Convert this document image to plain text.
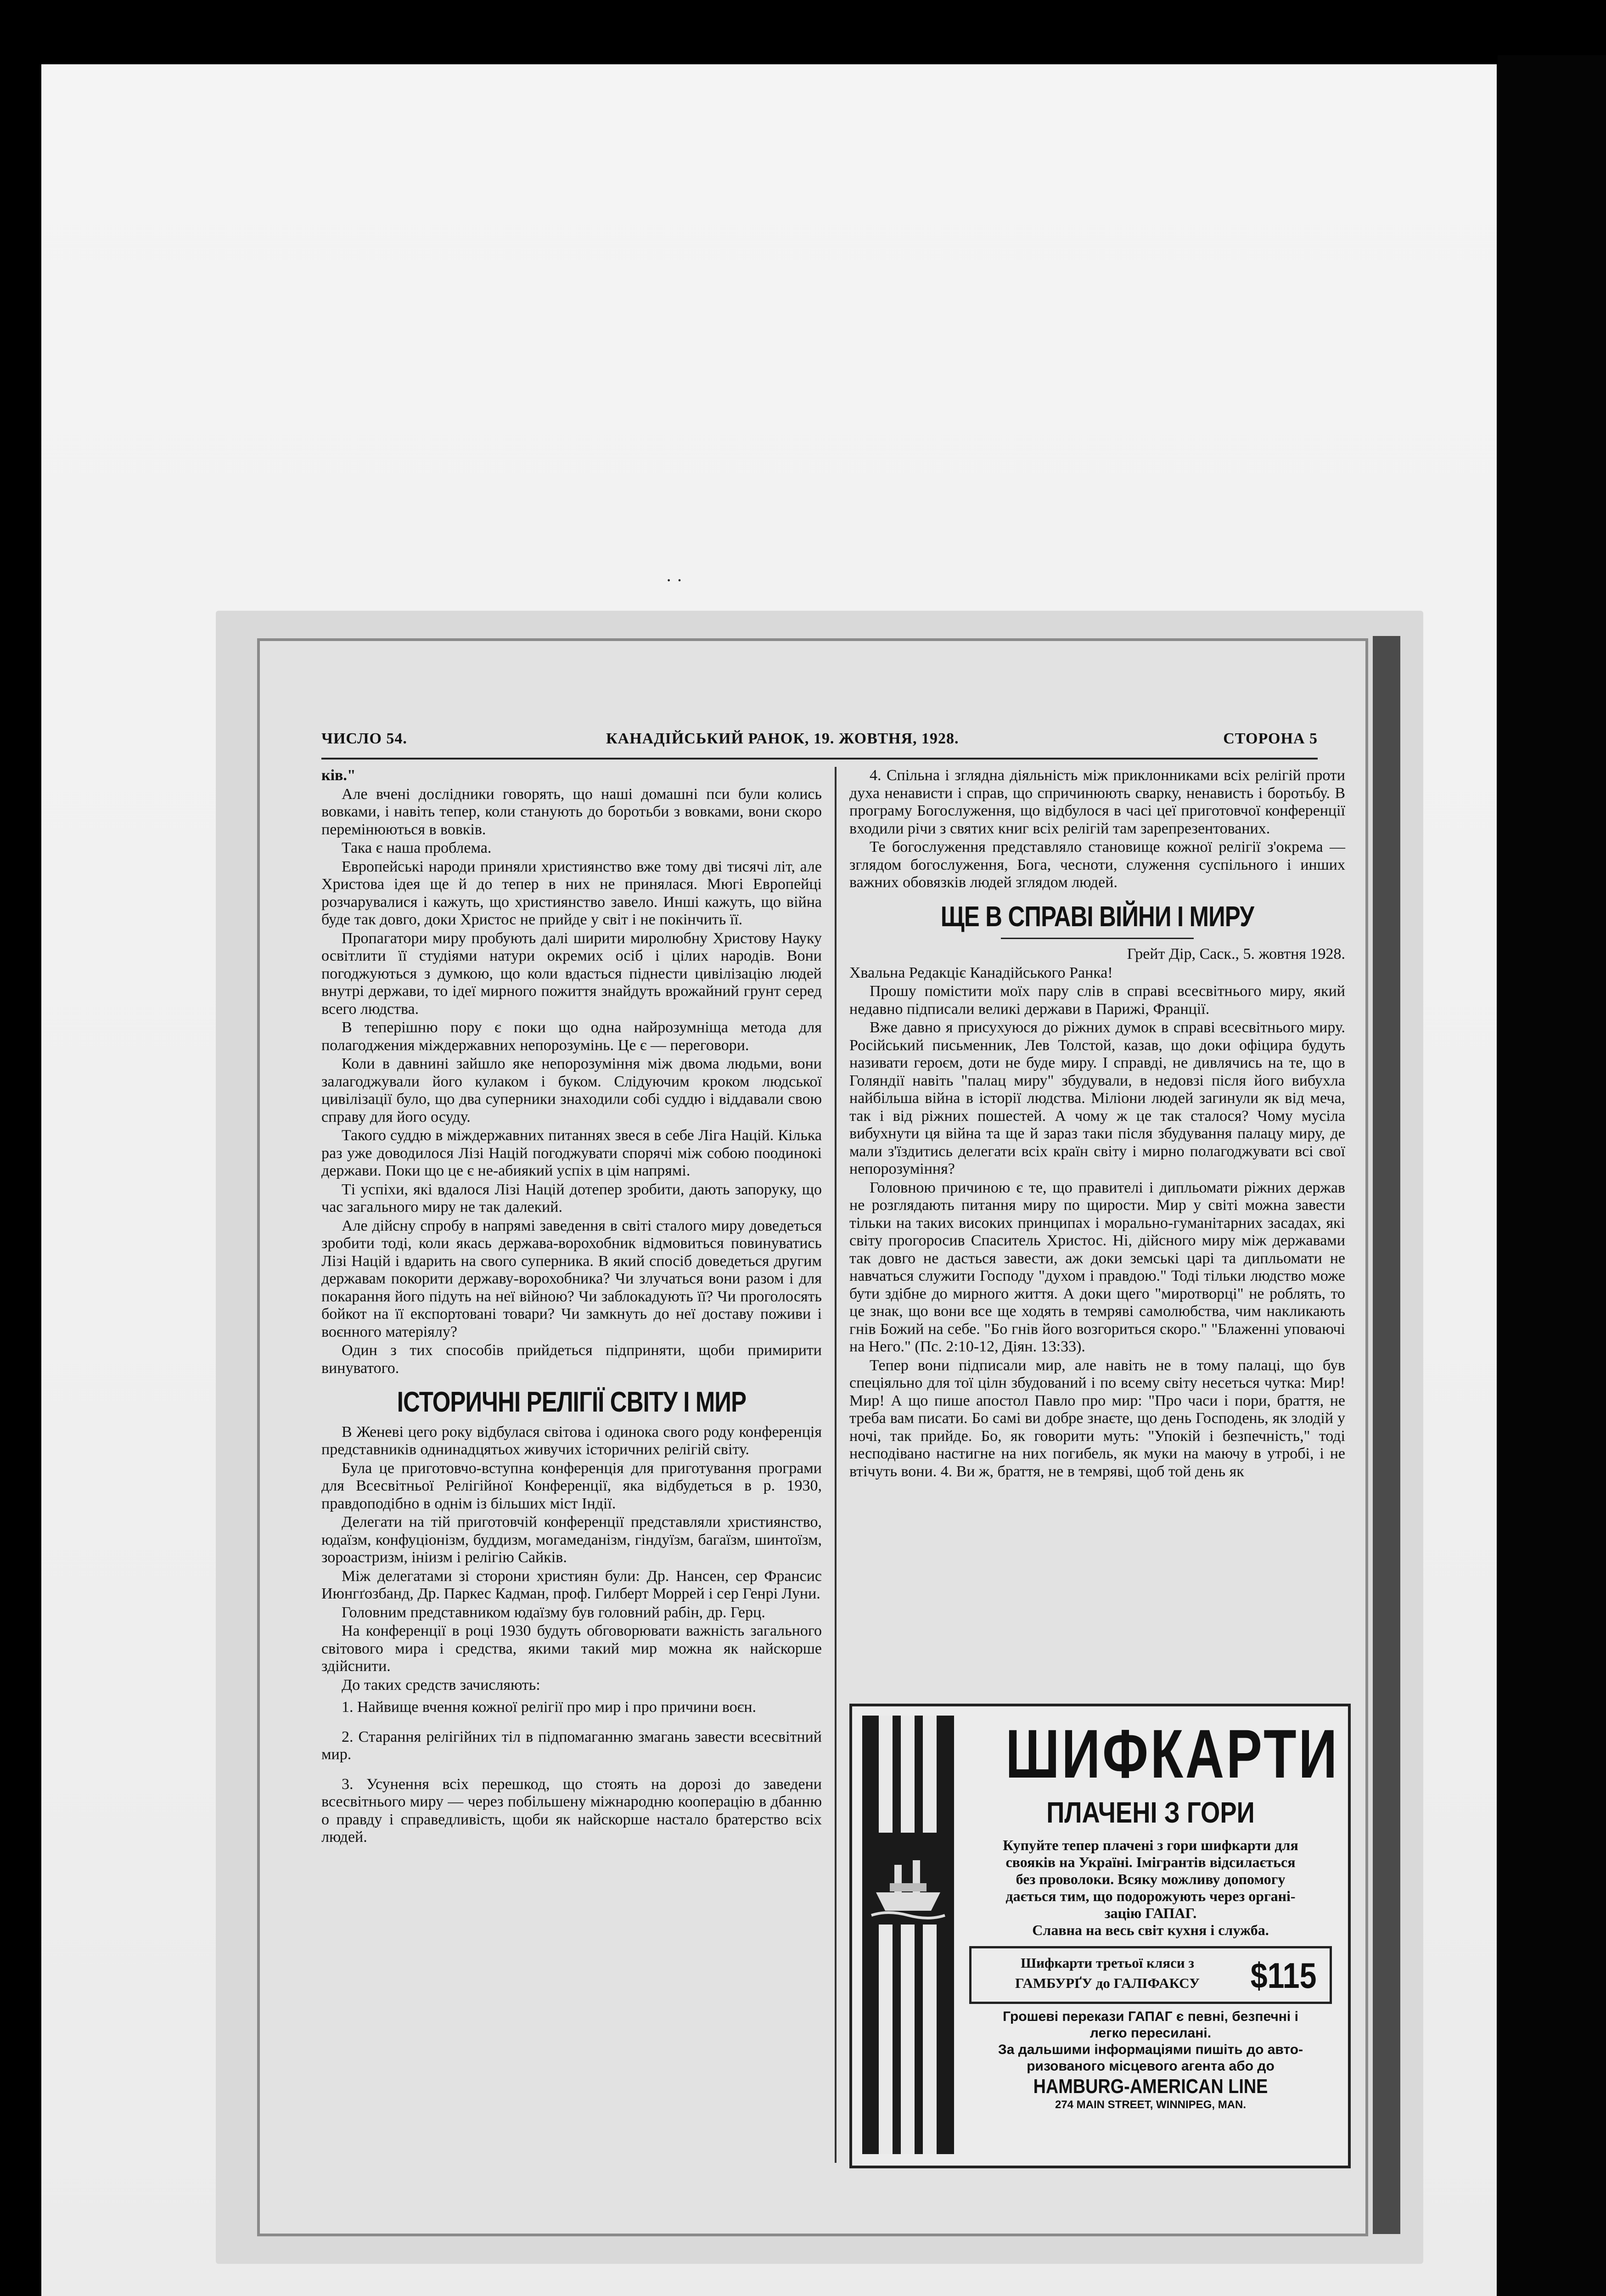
· ·
ЧИСЛО 54.	КАНАДІЙСЬКИЙ РАНОК, 19. ЖОВТНЯ, 1928.	СТОРОНА 5

ків."

Але вчені дослідники говорять, що наші домашні пси були колись вовками, і навіть тепер, коли станують до боротьби з вовками, вони скоро перемінюються в вовків.

Така є наша проблема.

Европейські народи приняли християнство вже тому дві тисячі літ, але Христова ідея ще й до тепер в них не принялася. Мюгі Европейці розчарувалися і кажуть, що християнство завело. Инші кажуть, що війна буде так довго, доки Христос не прийде у світ і не покінчить її.

Пропагатори миру пробують далі ширити миролюбну Христову Науку освітлити її студіями натури окремих осіб і цілих народів. Вони погоджуються з думкою, що коли вдасться піднести цивілізацію людей внутрі держави, то ідеї мирного пожиття знайдуть врожайний грунт серед всего людства.

В теперішню пору є поки що одна найрозумніща метода для полагоджения міждержавних непорозумінь. Це є — переговори.

Коли в давнині зайшло яке непорозуміння між двома людьми, вони залагоджували його кулаком і буком. Слідуючим кроком людської цивілізації було, що два суперники знаходили собі суддю і віддавали свою справу для його осуду.

Такого суддю в міждержавних питаннях звеся в себе Ліга Націй. Кілька раз уже доводилося Лізі Націй погоджувати спорячі між собою поодинокі держави. Поки що це є не-абиякий успіх в цім напрямі.

Ті успіхи, які вдалося Лізі Націй дотепер зробити, дають запоруку, що час загального миру не так далекий.

Але дійсну спробу в напрямі заведення в світі сталого миру доведеться зробити тоді, коли якась держава-ворохобник відмовиться повинуватись Лізі Націй і вдарить на свого суперника. В який спосіб доведеться другим державам покорити державу-ворохобника? Чи злучаться вони разом і для покарання його підуть на неї війною? Чи заблокадують її? Чи проголосять бойкот на її експортовані товари? Чи замкнуть до неї доставу поживи і воєнного матеріялу?

Один з тих способів прийдеться підприняти, щоби примирити винуватого.

ІСТОРИЧНІ РЕЛІГІЇ СВІТУ І МИР

В Женеві цего року відбулася світова і одинока свого роду конференція представників однинадцятьох живучих історичних релігій світу.

Була це приготовчо-вступна конференція для приготування програми для Всесвітньої Релігійної Конференції, яка відбудеться в р. 1930, правдоподібно в однім із більших міст Індії.

Делегати на тій приготовчій конференції представляли християнство, юдаїзм, конфуціонізм, буддизм, могамеданізм, гіндуїзм, багаїзм, шинтоїзм, зороастризм, ініизм і релігію Сайків.

Між делегатами зі сторони християн були: Др. Нансен, сер Франсис Июнгґозбанд, Др. Паркес Кадман, проф. Гилберт Моррей і сер Генрі Луни.

Головним представником юдаїзму був головний рабін, др. Герц.

На конференції в році 1930 будуть обговорювати важність загального світового мира і средства, якими такий мир можна як найскорше здійснити.

До таких средств зачисляють:

1. Найвище вчення кожної релігії про мир і про причини воєн.
2. Старання релігійних тіл в підпомаганню змагань завести всесвітний мир.
3. Усунення всіх перешкод, що стоять на дорозі до заведени всесвітнього миру — через побільшену міжнародню кооперацію в дбанню о правду і справедливість, щоби як найскорше настало братерство всіх людей.

4. Спільна і зглядна діяльність між приклонниками всіх релігій проти духа ненависти і справ, що спричинюють сварку, ненависть і боротьбу. В програму Богослуження, що відбулося в часі цеї приготовчої конференції входили річи з святих книг всіх релігій там зарепрезентованих.

Те богослуження представляло становище кожної релігії з'окрема — зглядом богослуження, Бога, чесноти, служення суспільного і инших важних обовязків людей зглядом людей.

ЩЕ В СПРАВІ ВІЙНИ І МИРУ

Грейт Дір, Саск., 5. жовтня 1928.

Хвальна Редакціє Канадійського Ранка!

Прошу помістити моїх пару слів в справі всесвітнього миру, який недавно підписали великі держави в Парижі, Франції.

Вже давно я присухуюся до ріжних думок в справі всесвітнього миру. Російський письменник, Лев Толстой, казав, що доки офіцира будуть називати героєм, доти не буде миру. І справді, не дивлячись на те, що в Голяндії навіть "палац миру" збудували, в недовзі після його вибухла найбільша війна в історії людства. Міліони людей загинули як від меча, так і від ріжних пошестей. А чому ж це так сталося? Чому мусіла вибухнути ця війна та ще й зараз таки після збудування палацу миру, де мали з'їздитись делегати всіх країн світу і мирно полагоджувати всі свої непорозуміння?

Головною причиною є те, що правителі і дипльомати ріжних держав не розглядають питання миру по щирости. Мир у світі можна завести тільки на таких високих принципах і морально-гуманітарних засадах, які світу прогоросив Спаситель Христос. Ні, дійсного миру між державами так довго не дасться завести, аж доки земські царі та дипльомати не навчаться служити Господу "духом і правдою." Тоді тільки людство може бути здібне до мирного життя. А доки щего "миротворці" не роблять, то це знак, що вони все ще ходять в темряві самолюбства, чим накликають гнів Божий на себе. "Бо гнів його возгориться скоро." "Блаженні уповаючі на Него." (Пс. 2:10-12, Діян. 13:33).

Тепер вони підписали мир, але навіть не в тому палаці, що був спеціяльно для тої цілн збудований і по всему світу несеться чутка: Мир! Мир! А що пише апостол Павло про мир: "Про часи і пори, браття, не треба вам писати. Бо самі ви добре знаєте, що день Господень, як злодій у ночі, так прийде. Бо, як говорити муть: "Упокій і безпечність," тоді несподівано настигне на них погибель, як муки на маючу в утробі, і не втічуть вони. 4. Ви ж, браття, не в темряві, щоб той день як

ШИФКАРТИ
ПЛАЧЕНІ З ГОРИ
Купуйте тепер плачені з гори шифкарти для
свояків на Україні. Імігрантів відсилається
без проволоки. Всяку можливу допомогу
дається тим, що подорожують через органі-
зацію ГАПАГ.
Славна на весь світ кухня і служба.
Шифкарти третьої кляси з
ГАМБУРҐУ до ГАЛІФАКСУ	$115
Грошеві перекази ГАПАГ є певні, безпечні і
легко пересилані.
За дальшими інформаціями пишіть до авто-
ризованого місцевого агента або до
HAMBURG-AMERICAN LINE
274 MAIN STREET, WINNIPEG, MAN.
